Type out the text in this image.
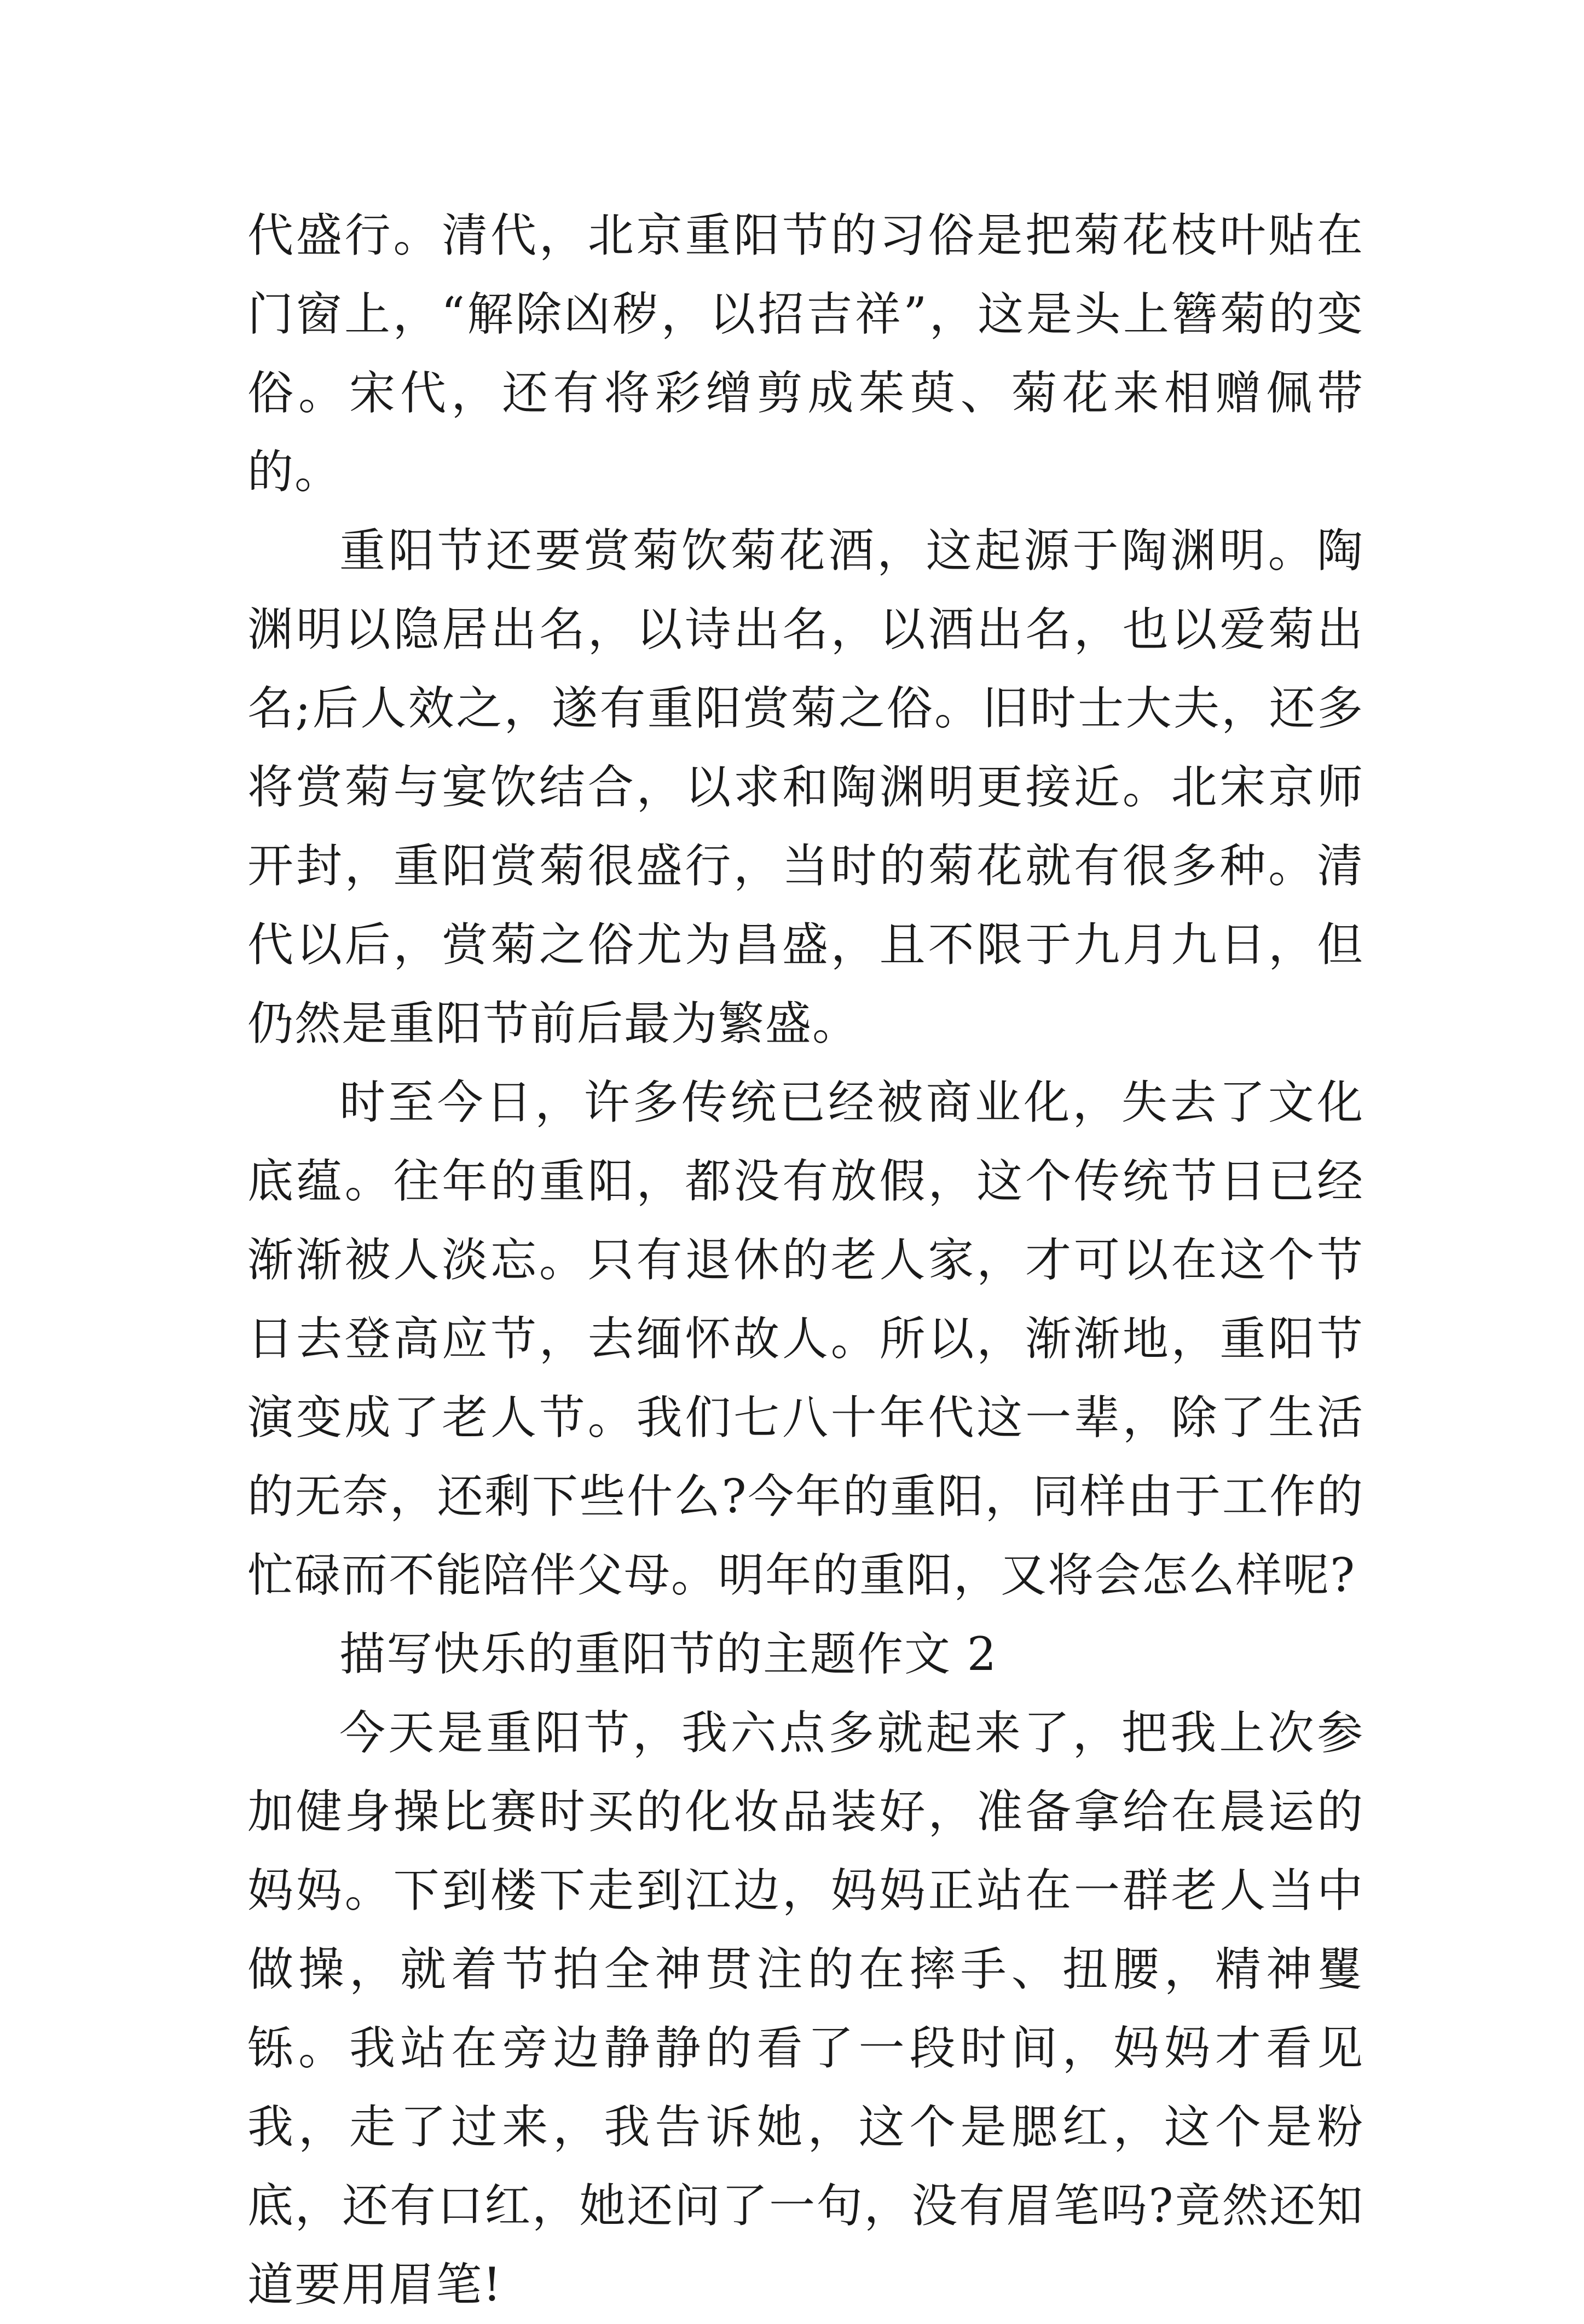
代盛行。清代，北京重阳节的习俗是把菊花枝叶贴在门窗上，“解除凶秽，以招吉祥”，这是头上簪菊的变俗。宋代，还有将彩缯剪成茱萸、菊花来相赠佩带的。

重阳节还要赏菊饮菊花酒，这起源于陶渊明。陶渊明以隐居出名，以诗出名，以酒出名，也以爱菊出名;后人效之，遂有重阳赏菊之俗。旧时士大夫，还多将赏菊与宴饮结合，以求和陶渊明更接近。北宋京师开封，重阳赏菊很盛行，当时的菊花就有很多种。清代以后，赏菊之俗尤为昌盛，且不限于九月九日，但仍然是重阳节前后最为繁盛。

时至今日，许多传统已经被商业化，失去了文化底蕴。往年的重阳，都没有放假，这个传统节日已经渐渐被人淡忘。只有退休的老人家，才可以在这个节日去登高应节，去缅怀故人。所以，渐渐地，重阳节演变成了老人节。我们七八十年代这一辈，除了生活的无奈，还剩下些什么?今年的重阳，同样由于工作的忙碌而不能陪伴父母。明年的重阳，又将会怎么样呢?

描写快乐的重阳节的主题作文 2

今天是重阳节，我六点多就起来了，把我上次参加健身操比赛时买的化妆品装好，准备拿给在晨运的妈妈。下到楼下走到江边，妈妈正站在一群老人当中做操，就着节拍全神贯注的在摔手、扭腰，精神矍铄。我站在旁边静静的看了一段时间，妈妈才看见我，走了过来，我告诉她，这个是腮红，这个是粉底，还有口红，她还问了一句，没有眉笔吗?竟然还知道要用眉笔!
